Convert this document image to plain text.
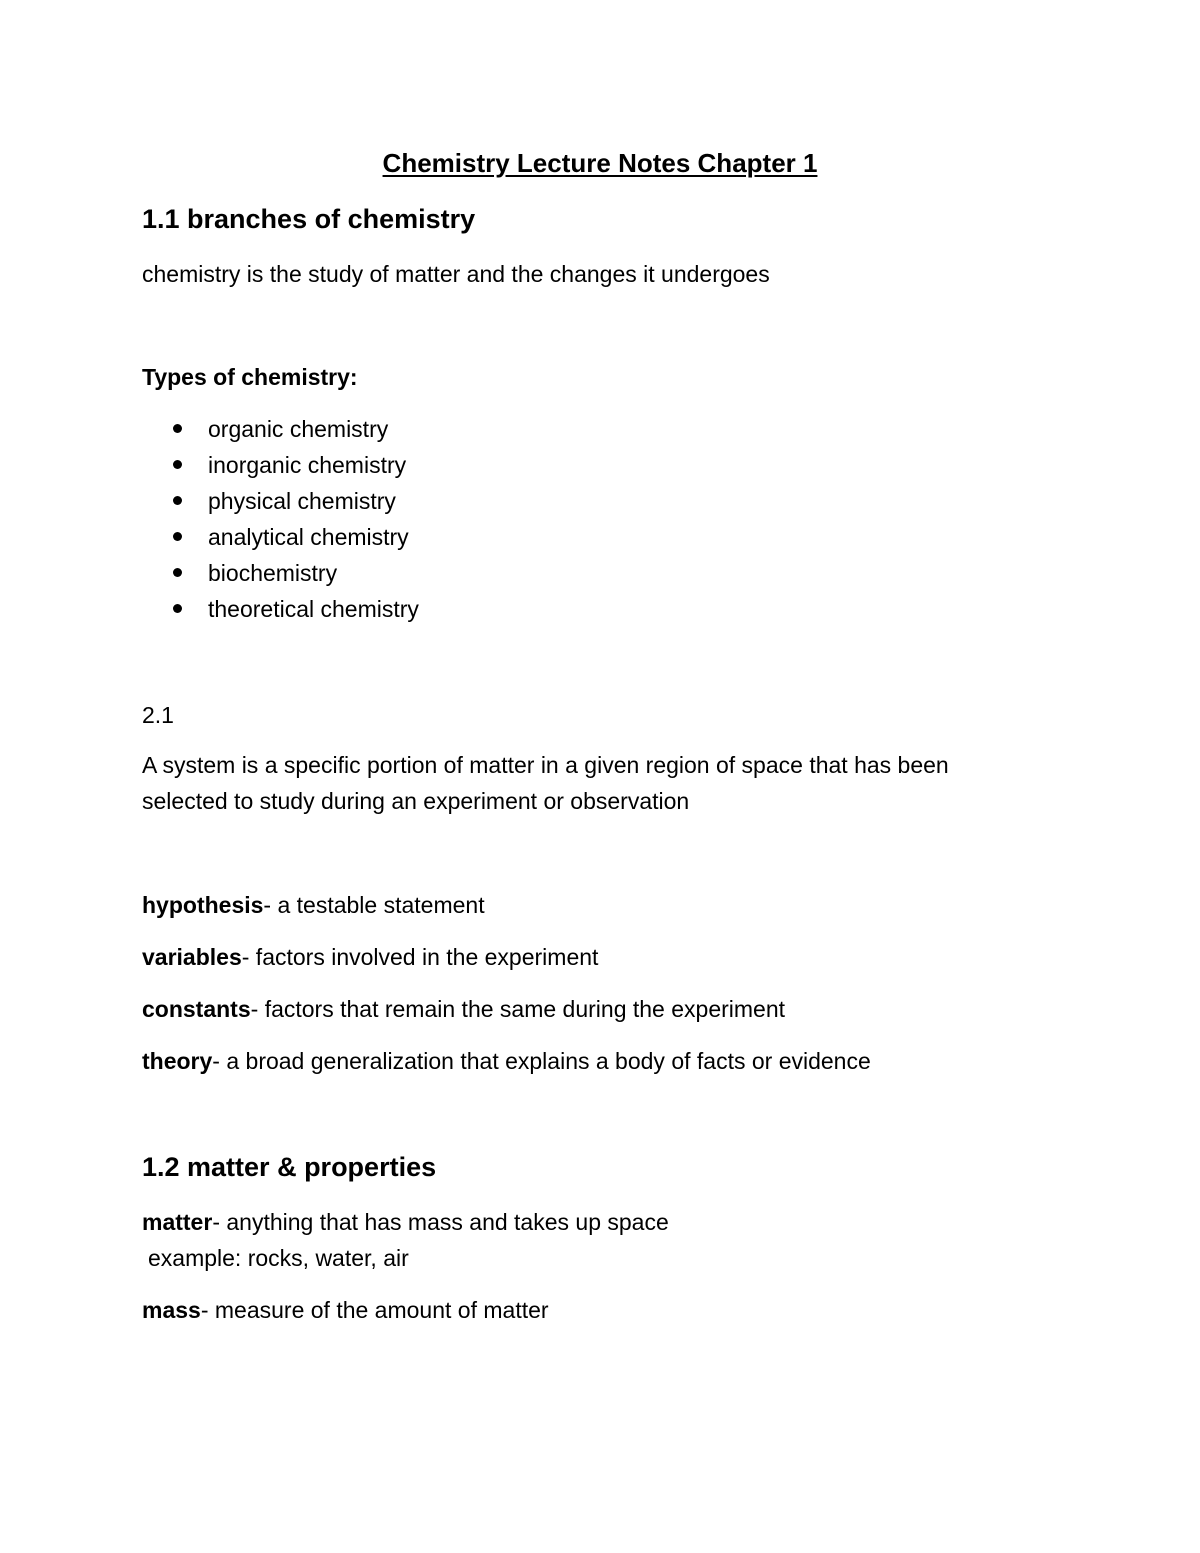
Chemistry Lecture Notes Chapter 1
1.1 branches of chemistry
chemistry is the study of matter and the changes it undergoes
Types of chemistry:
organic chemistry
inorganic chemistry
physical chemistry
analytical chemistry
biochemistry
theoretical chemistry
2.1
A system is a specific portion of matter in a given region of space that has been
selected to study during an experiment or observation
hypothesis- a testable statement
variables- factors involved in the experiment
constants- factors that remain the same during the experiment
theory- a broad generalization that explains a body of facts or evidence
1.2 matter & properties
matter- anything that has mass and takes up space
example: rocks, water, air
mass- measure of the amount of matter
